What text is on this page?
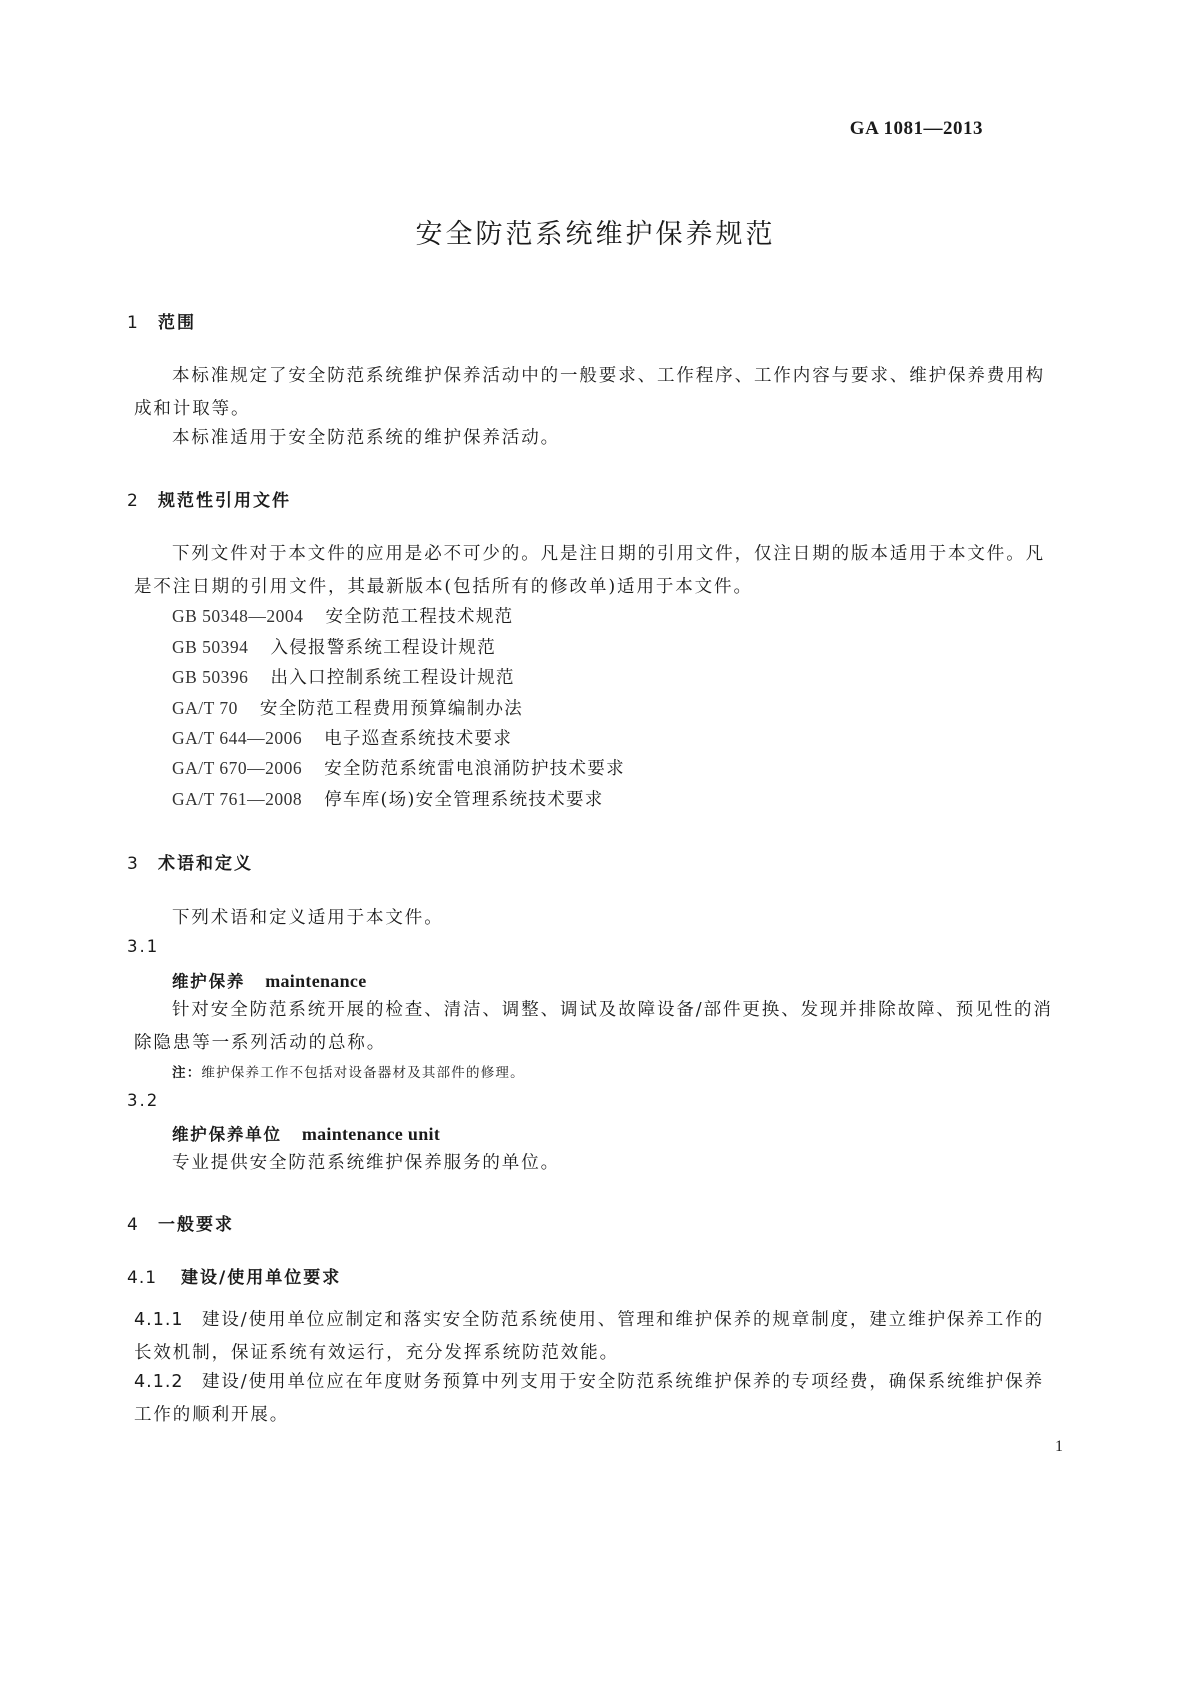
GA 1081—2013
安全防范系统维护保养规范
1 范围
本标准规定了安全防范系统维护保养活动中的一般要求、工作程序、工作内容与要求、维护保养费用构成和计取等。
本标准适用于安全防范系统的维护保养活动。
2 规范性引用文件
下列文件对于本文件的应用是必不可少的。凡是注日期的引用文件，仅注日期的版本适用于本文件。凡是不注日期的引用文件，其最新版本(包括所有的修改单)适用于本文件。
GB 50348—2004 安全防范工程技术规范
GB 50394 入侵报警系统工程设计规范
GB 50396 出入口控制系统工程设计规范
GA/T 70 安全防范工程费用预算编制办法
GA/T 644—2006 电子巡查系统技术要求
GA/T 670—2006 安全防范系统雷电浪涌防护技术要求
GA/T 761—2008 停车库(场)安全管理系统技术要求
3 术语和定义
下列术语和定义适用于本文件。
3.1
维护保养 maintenance
针对安全防范系统开展的检查、清洁、调整、调试及故障设备/部件更换、发现并排除故障、预见性的消除隐患等一系列活动的总称。
注：维护保养工作不包括对设备器材及其部件的修理。
3.2
维护保养单位 maintenance unit
专业提供安全防范系统维护保养服务的单位。
4 一般要求
4.1 建设/使用单位要求
4.1.1 建设/使用单位应制定和落实安全防范系统使用、管理和维护保养的规章制度，建立维护保养工作的长效机制，保证系统有效运行，充分发挥系统防范效能。
4.1.2 建设/使用单位应在年度财务预算中列支用于安全防范系统维护保养的专项经费，确保系统维护保养工作的顺利开展。
1
